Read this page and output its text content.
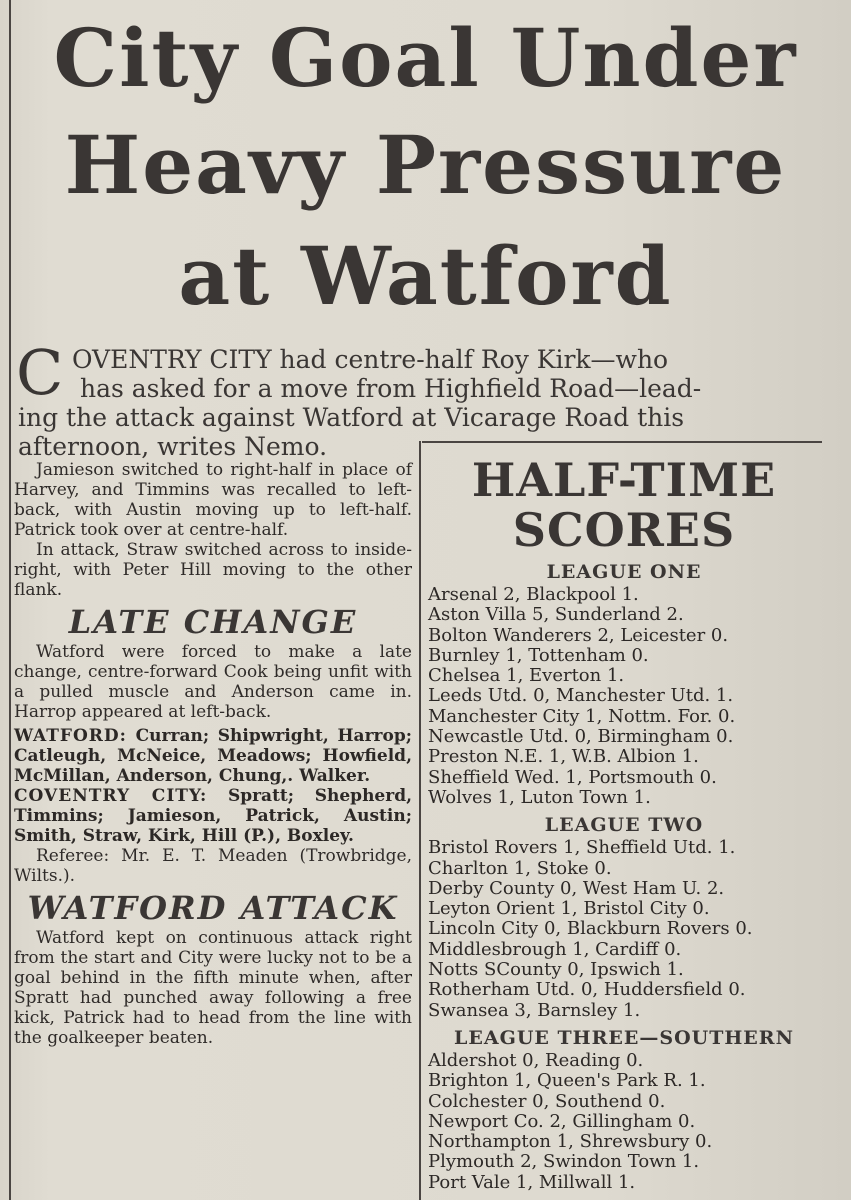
City Goal Under
Heavy Pressure
at Watford
C OVENTRY CITY had centre-half Roy Kirk—who
has asked for a move from Highfield Road—lead-
ing the attack against Watford at Vicarage Road this
afternoon, writes Nemo.

Jamieson switched to right-half in place of Harvey, and Timmins was recalled to left-back, with Austin moving up to left-half. Patrick took over at centre-half.

In attack, Straw switched across to inside-right, with Peter Hill moving to the other flank.

LATE CHANGE

Watford were forced to make a late change, centre-forward Cook being unfit with a pulled muscle and Anderson came in. Harrop appeared at left-back.

WATFORD: Curran; Shipwright, Harrop; Catleugh, McNeice, Meadows; Howfield, McMillan, Anderson, Chung,. Walker.

COVENTRY CITY: Spratt; Shepherd, Timmins; Jamieson, Patrick, Austin; Smith, Straw, Kirk, Hill (P.), Boxley.

Referee: Mr. E. T. Meaden (Trowbridge, Wilts.).

WATFORD ATTACK

Watford kept on continuous attack right from the start and City were lucky not to be a goal behind in the fifth minute when, after Spratt had punched away following a free kick, Patrick had to head from the line with the goalkeeper beaten.

HALF-TIME
SCORES
LEAGUE ONE
Arsenal 2, Blackpool 1.
Aston Villa 5, Sunderland 2.
Bolton Wanderers 2, Leicester 0.
Burnley 1, Tottenham 0.
Chelsea 1, Everton 1.
Leeds Utd. 0, Manchester Utd. 1.
Manchester City 1, Nottm. For. 0.
Newcastle Utd. 0, Birmingham 0.
Preston N.E. 1, W.B. Albion 1.
Sheffield Wed. 1, Portsmouth 0.
Wolves 1, Luton Town 1.
LEAGUE TWO
Bristol Rovers 1, Sheffield Utd. 1.
Charlton 1, Stoke 0.
Derby County 0, West Ham U. 2.
Leyton Orient 1, Bristol City 0.
Lincoln City 0, Blackburn Rovers 0.
Middlesbrough 1, Cardiff 0.
Notts SCounty 0, Ipswich 1.
Rotherham Utd. 0, Huddersfield 0.
Swansea 3, Barnsley 1.
LEAGUE THREE—SOUTHERN
Aldershot 0, Reading 0.
Brighton 1, Queen's Park R. 1.
Colchester 0, Southend 0.
Newport Co. 2, Gillingham 0.
Northampton 1, Shrewsbury 0.
Plymouth 2, Swindon Town 1.
Port Vale 1, Millwall 1.
